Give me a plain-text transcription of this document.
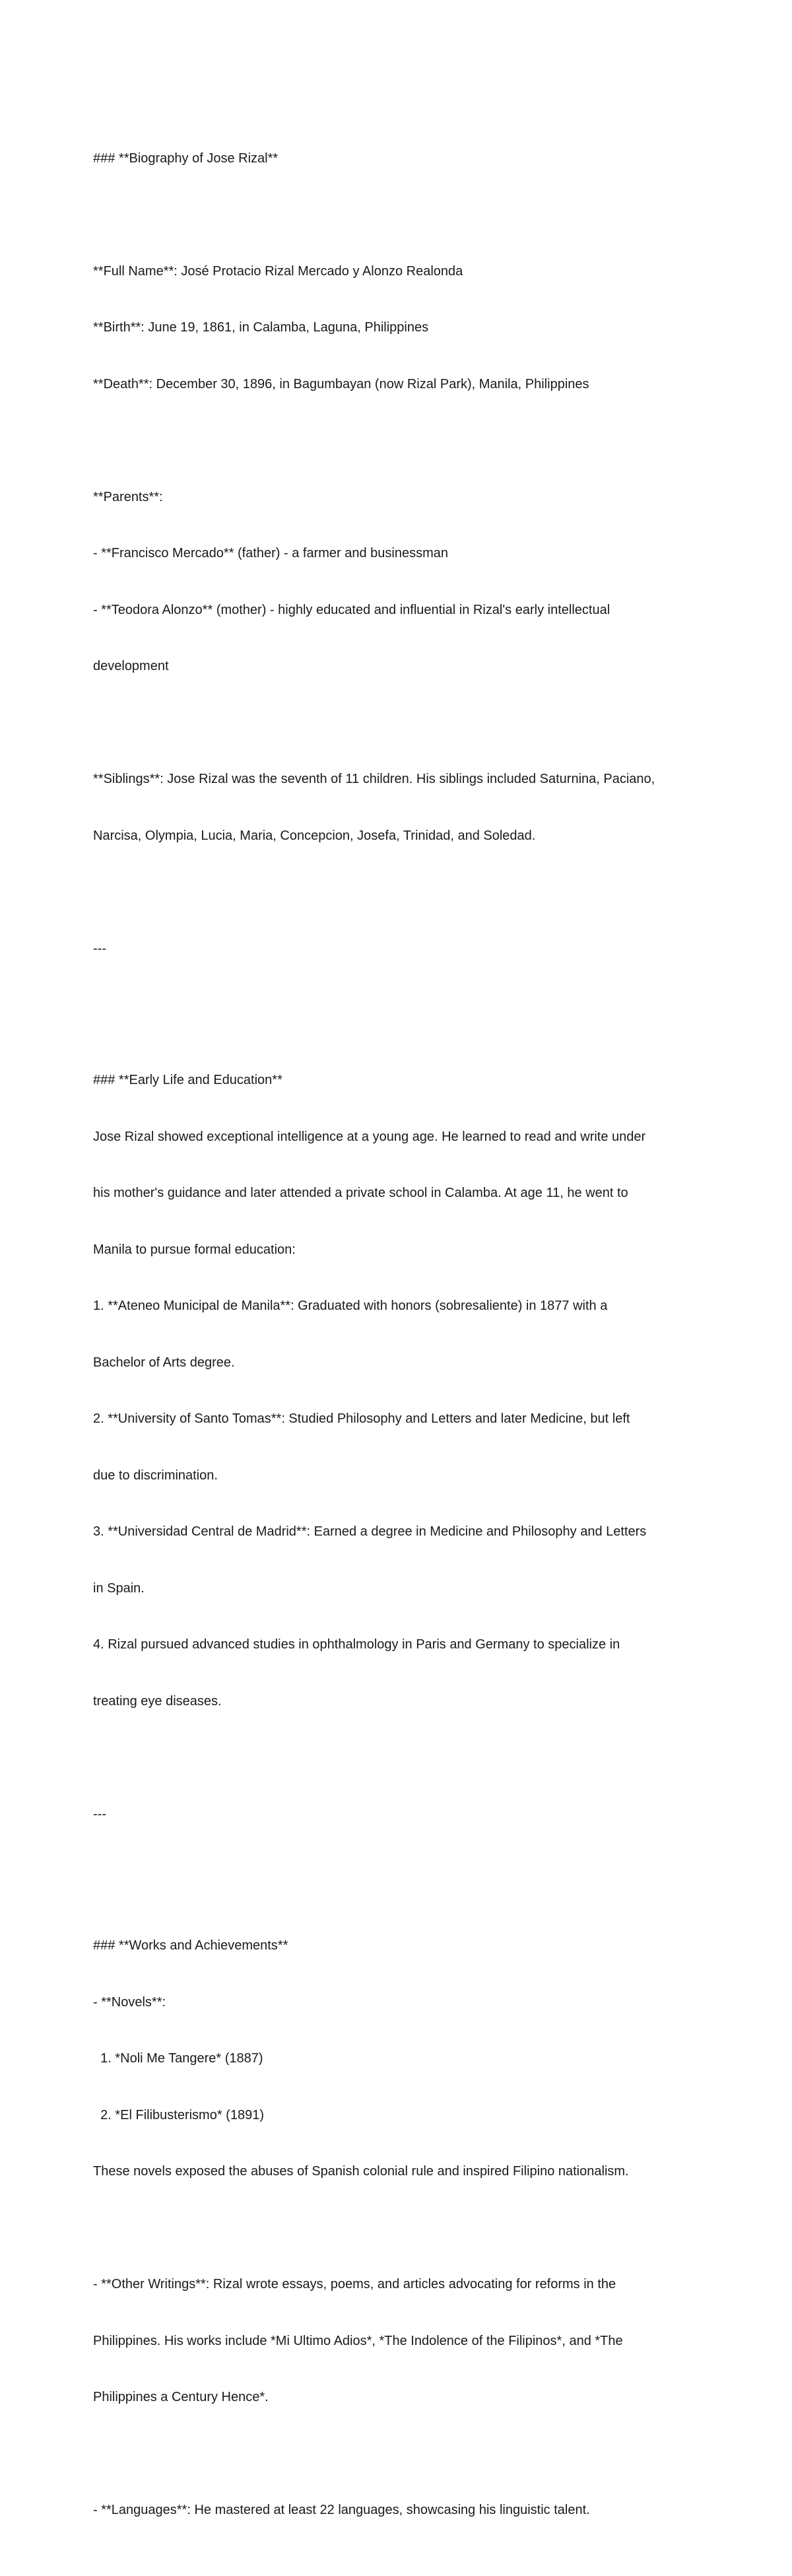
### **Biography of Jose Rizal**

**Full Name**: José Protacio Rizal Mercado y Alonzo Realonda

**Birth**: June 19, 1861, in Calamba, Laguna, Philippines

**Death**: December 30, 1896, in Bagumbayan (now Rizal Park), Manila, Philippines

**Parents**:

- **Francisco Mercado** (father) - a farmer and businessman

- **Teodora Alonzo** (mother) - highly educated and influential in Rizal's early intellectual

development

**Siblings**: Jose Rizal was the seventh of 11 children. His siblings included Saturnina, Paciano,

Narcisa, Olympia, Lucia, Maria, Concepcion, Josefa, Trinidad, and Soledad.

---

### **Early Life and Education**

Jose Rizal showed exceptional intelligence at a young age. He learned to read and write under

his mother's guidance and later attended a private school in Calamba. At age 11, he went to

Manila to pursue formal education:

1. **Ateneo Municipal de Manila**: Graduated with honors (sobresaliente) in 1877 with a

Bachelor of Arts degree.

2. **University of Santo Tomas**: Studied Philosophy and Letters and later Medicine, but left

due to discrimination.

3. **Universidad Central de Madrid**: Earned a degree in Medicine and Philosophy and Letters

in Spain.

4. Rizal pursued advanced studies in ophthalmology in Paris and Germany to specialize in

treating eye diseases.

---

### **Works and Achievements**

- **Novels**:

1. *Noli Me Tangere* (1887)

2. *El Filibusterismo* (1891)

These novels exposed the abuses of Spanish colonial rule and inspired Filipino nationalism.

- **Other Writings**: Rizal wrote essays, poems, and articles advocating for reforms in the

Philippines. His works include *Mi Ultimo Adios*, *The Indolence of the Filipinos*, and *The

Philippines a Century Hence*.

- **Languages**: He mastered at least 22 languages, showcasing his linguistic talent.
